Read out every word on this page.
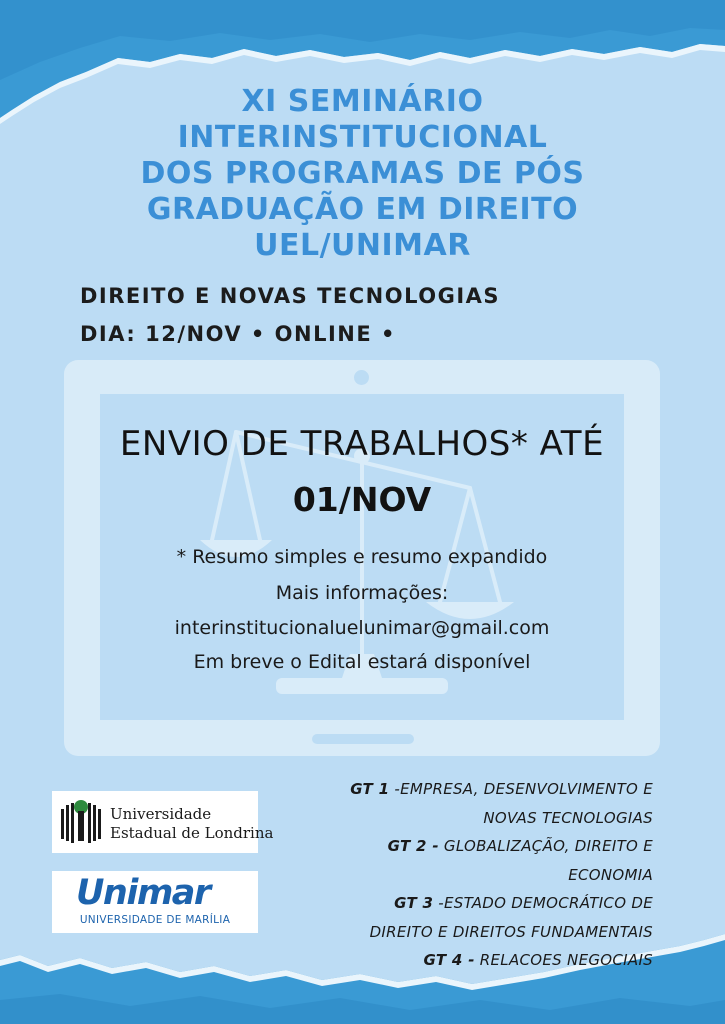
XI SEMINÁRIO
INTERINSTITUCIONAL
DOS PROGRAMAS DE PÓS
GRADUAÇÃO EM DIREITO
UEL/UNIMAR
DIREITO E NOVAS TECNOLOGIAS
DIA: 12/NOV • ONLINE •
ENVIO DE TRABALHOS* ATÉ
01/NOV
* Resumo simples e resumo expandido
Mais informações:
interinstitucionaluelunimar@gmail.com
Em breve o Edital estará disponível
Universidade
Estadual de Londrina
Unimar
UNIVERSIDADE DE MARÍLIA
GT 1 -EMPRESA, DESENVOLVIMENTO E
NOVAS TECNOLOGIAS
GT 2 - GLOBALIZAÇÃO, DIREITO E
ECONOMIA
GT 3 -ESTADO DEMOCRÁTICO DE
DIREITO E DIREITOS FUNDAMENTAIS
GT 4 - RELACOES NEGOCIAIS
